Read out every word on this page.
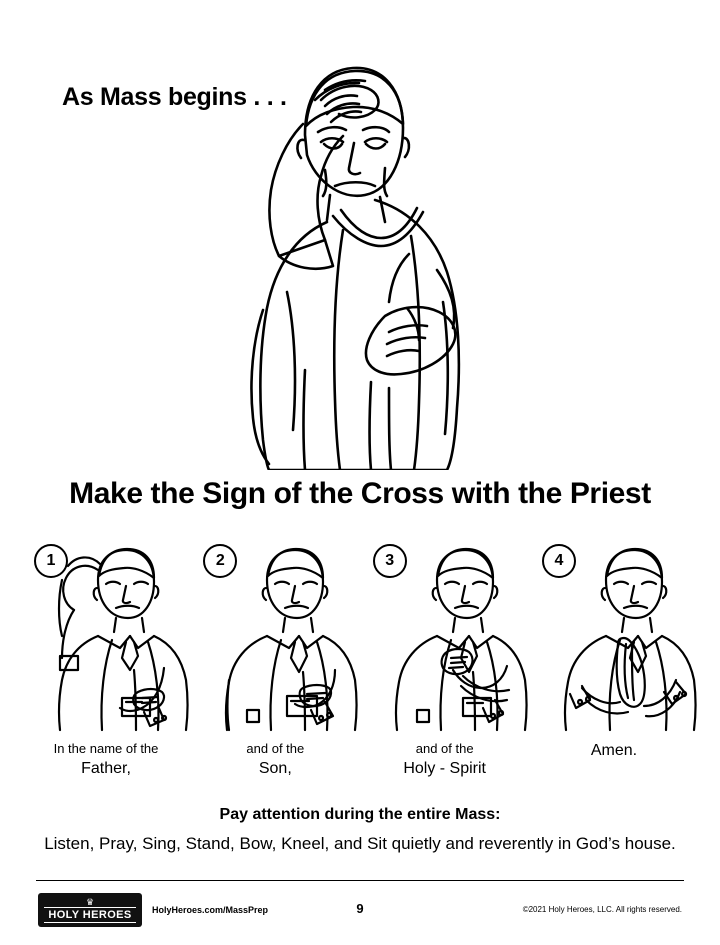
As Mass begins . . .
Make the Sign of the Cross with the Priest
1
In the name of the
Father,
2
and of the
Son,
3
and of the
Holy - Spirit
4
Amen.
Pay attention during the entire Mass:
Listen, Pray, Sing, Stand, Bow, Kneel, and Sit quietly and reverently in God’s house.
♛
HOLY HEROES	HolyHeroes.com/MassPrep	9	©2021 Holy Heroes, LLC. All rights reserved.
